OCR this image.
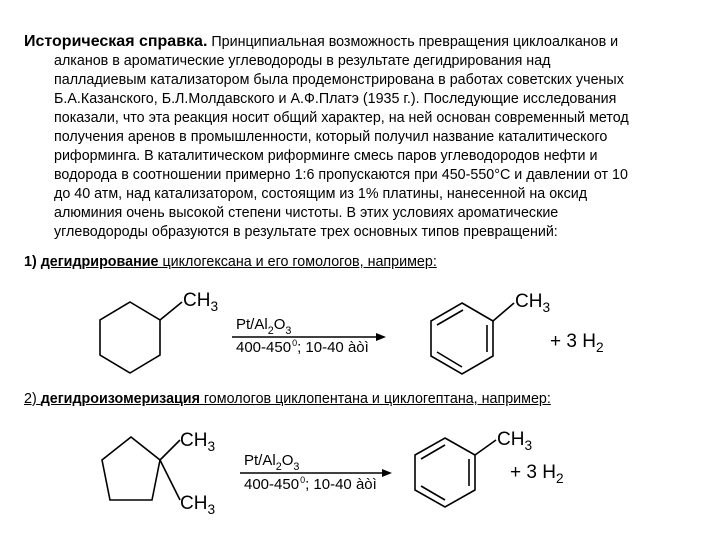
Историческая справка. Принципиальная возможность превращения циклоалканов и
алканов в ароматические углеводороды в результате дегидрирования над
палладиевым катализатором была продемонстрирована в работах советских ученых
Б.А.Казанского, Б.Л.Молдавского и А.Ф.Платэ (1935 г.). Последующие исследования
показали, что эта реакция носит общий характер, на ней основан современный метод
получения аренов в промышленности, который получил название каталитического
риформинга. В каталитическом риформинге смесь паров углеводородов нефти и
водорода в соотношении примерно 1:6 пропускаются при 450-550°С и давлении от 10
до 40 атм, над катализатором, состоящим из 1% платины, нанесенной на оксид
алюминия очень высокой степени чистоты. В этих условиях ароматические
углеводороды образуются в результате трех основных типов превращений:
1) дегидрирование циклогексана и его гомологов, например:
2) дегидроизомеризация гомологов циклопентана и циклогептана, например:
$CH_3$
$Pt/Al_2O_3$
$400-450^0$; 10-40 àòì
$CH_3$
+ 3 $H_2$
$CH_3$
$CH_3$
$Pt/Al_2O_3$
$400-450^0$; 10-40 àòì
$CH_3$
+ 3 $H_2$
